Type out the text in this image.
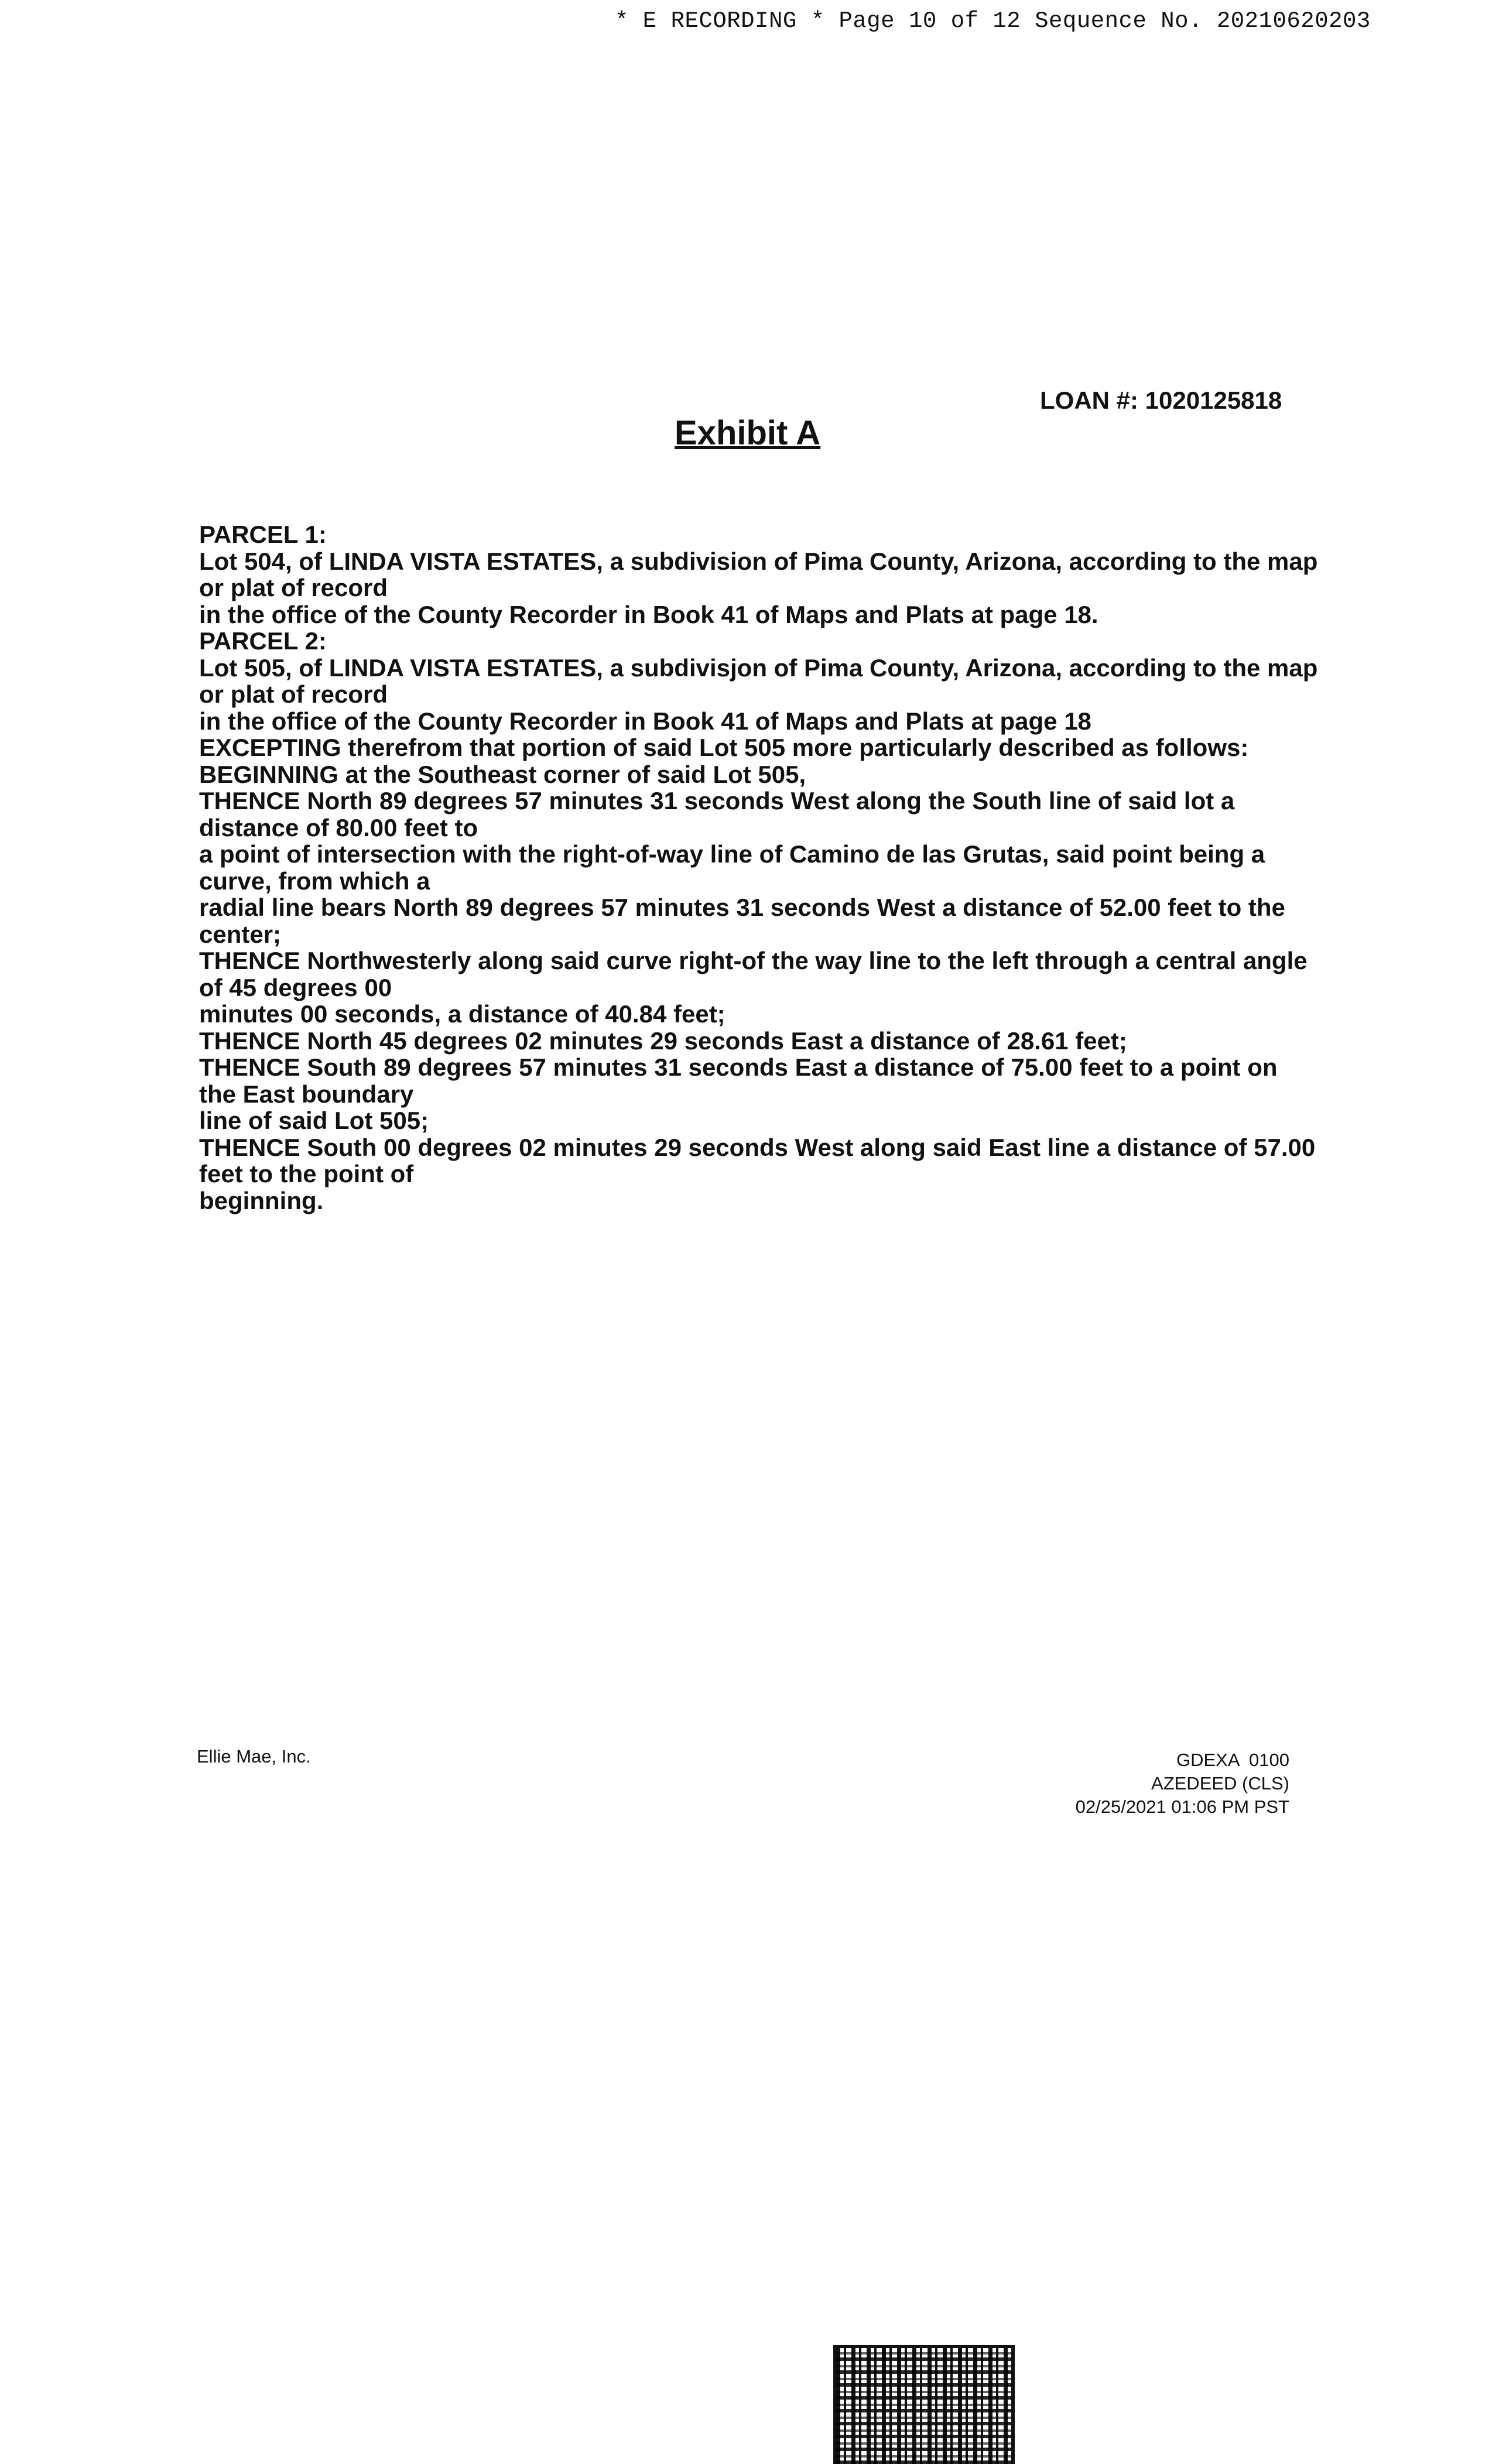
* E RECORDING * Page 10 of 12 Sequence No. 20210620203
LOAN #: 1020125818
Exhibit A

PARCEL 1:

Lot 504, of LINDA VISTA ESTATES, a subdivision of Pima County, Arizona, according to the map

or plat of record

in the office of the County Recorder in Book 41 of Maps and Plats at page 18.

PARCEL 2:

Lot 505, of LINDA VISTA ESTATES, a subdivisjon of Pima County, Arizona, according to the map

or plat of record

in the office of the County Recorder in Book 41 of Maps and Plats at page 18

EXCEPTING therefrom that portion of said Lot 505 more particularly described as follows:

BEGINNING at the Southeast corner of said Lot 505,

THENCE North 89 degrees 57 minutes 31 seconds West along the South line of said lot a

distance of 80.00 feet to

a point of intersection with the right-of-way line of Camino de las Grutas, said point being a

curve, from which a

radial line bears North 89 degrees 57 minutes 31 seconds West a distance of 52.00 feet to the

center;

THENCE Northwesterly along said curve right-of the way line to the left through a central angle

of 45 degrees 00

minutes 00 seconds, a distance of 40.84 feet;

THENCE North 45 degrees 02 minutes 29 seconds East a distance of 28.61 feet;

THENCE South 89 degrees 57 minutes 31 seconds East a distance of 75.00 feet to a point on

the East boundary

line of said Lot 505;

THENCE South 00 degrees 02 minutes 29 seconds West along said East line a distance of 57.00

feet to the point of

beginning.

Ellie Mae, Inc.	GDEXA  0100
AZEDEED (CLS)
02/25/2021 01:06 PM PST
